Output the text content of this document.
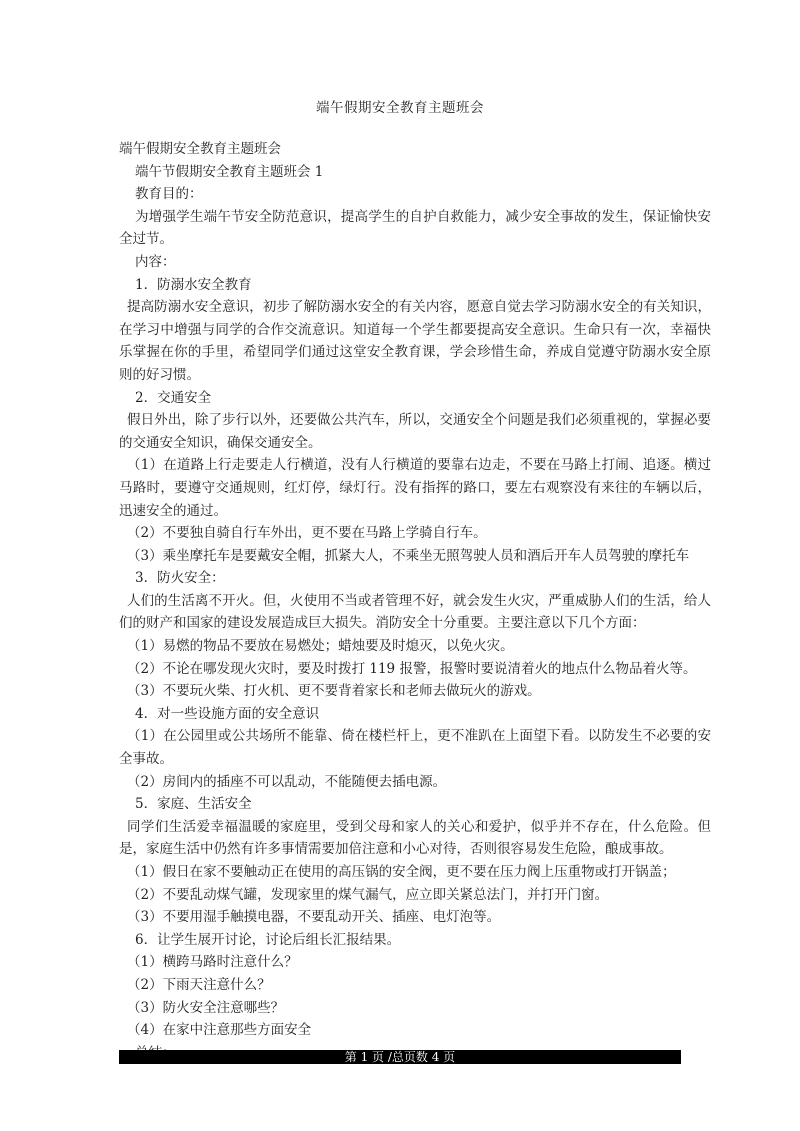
端午假期安全教育主题班会

端午假期安全教育主题班会

端午节假期安全教育主题班会 1

教育目的：

为增强学生端午节安全防范意识，提高学生的自护自救能力，减少安全事故的发生，保证愉快安全过节。

内容：

1．防溺水安全教育

提高防溺水安全意识，初步了解防溺水安全的有关内容，愿意自觉去学习防溺水安全的有关知识，在学习中增强与同学的合作交流意识。知道每一个学生都要提高安全意识。生命只有一次，幸福快乐掌握在你的手里，希望同学们通过这堂安全教育课，学会珍惜生命，养成自觉遵守防溺水安全原则的好习惯。

2．交通安全

假日外出，除了步行以外，还要做公共汽车，所以，交通安全个问题是我们必须重视的，掌握必要的交通安全知识，确保交通安全。

（1）在道路上行走要走人行横道，没有人行横道的要靠右边走，不要在马路上打闹、追逐。横过马路时，要遵守交通规则，红灯停，绿灯行。没有指挥的路口，要左右观察没有来往的车辆以后，迅速安全的通过。

（2）不要独自骑自行车外出，更不要在马路上学骑自行车。

（3）乘坐摩托车是要戴安全帽，抓紧大人，不乘坐无照驾驶人员和酒后开车人员驾驶的摩托车

3．防火安全：

人们的生活离不开火。但，火使用不当或者管理不好，就会发生火灾，严重威胁人们的生活，给人们的财产和国家的建设发展造成巨大损失。消防安全十分重要。主要注意以下几个方面：

（1）易燃的物品不要放在易燃处；蜡烛要及时熄灭，以免火灾。

（2）不论在哪发现火灾时，要及时拨打 119 报警，报警时要说清着火的地点什么物品着火等。

（3）不要玩火柴、打火机、更不要背着家长和老师去做玩火的游戏。

4．对一些设施方面的安全意识

（1）在公园里或公共场所不能靠、倚在楼栏杆上，更不准趴在上面望下看。以防发生不必要的安全事故。

（2）房间内的插座不可以乱动，不能随便去插电源。

5．家庭、生活安全

同学们生活爱幸福温暖的家庭里，受到父母和家人的关心和爱护，似乎并不存在，什么危险。但是，家庭生活中仍然有许多事情需要加倍注意和小心对待，否则很容易发生危险，酿成事故。

（1）假日在家不要触动正在使用的高压锅的安全阀，更不要在压力阀上压重物或打开锅盖；

（2）不要乱动煤气罐，发现家里的煤气漏气，应立即关紧总法门，并打开门窗。

（3）不要用湿手触摸电器，不要乱动开关、插座、电灯泡等。

6．让学生展开讨论，讨论后组长汇报结果。

（1）横跨马路时注意什么？

（2）下雨天注意什么？

（3）防火安全注意哪些？

（4）在家中注意那些方面安全

第 1 页 /总页数 4 页
